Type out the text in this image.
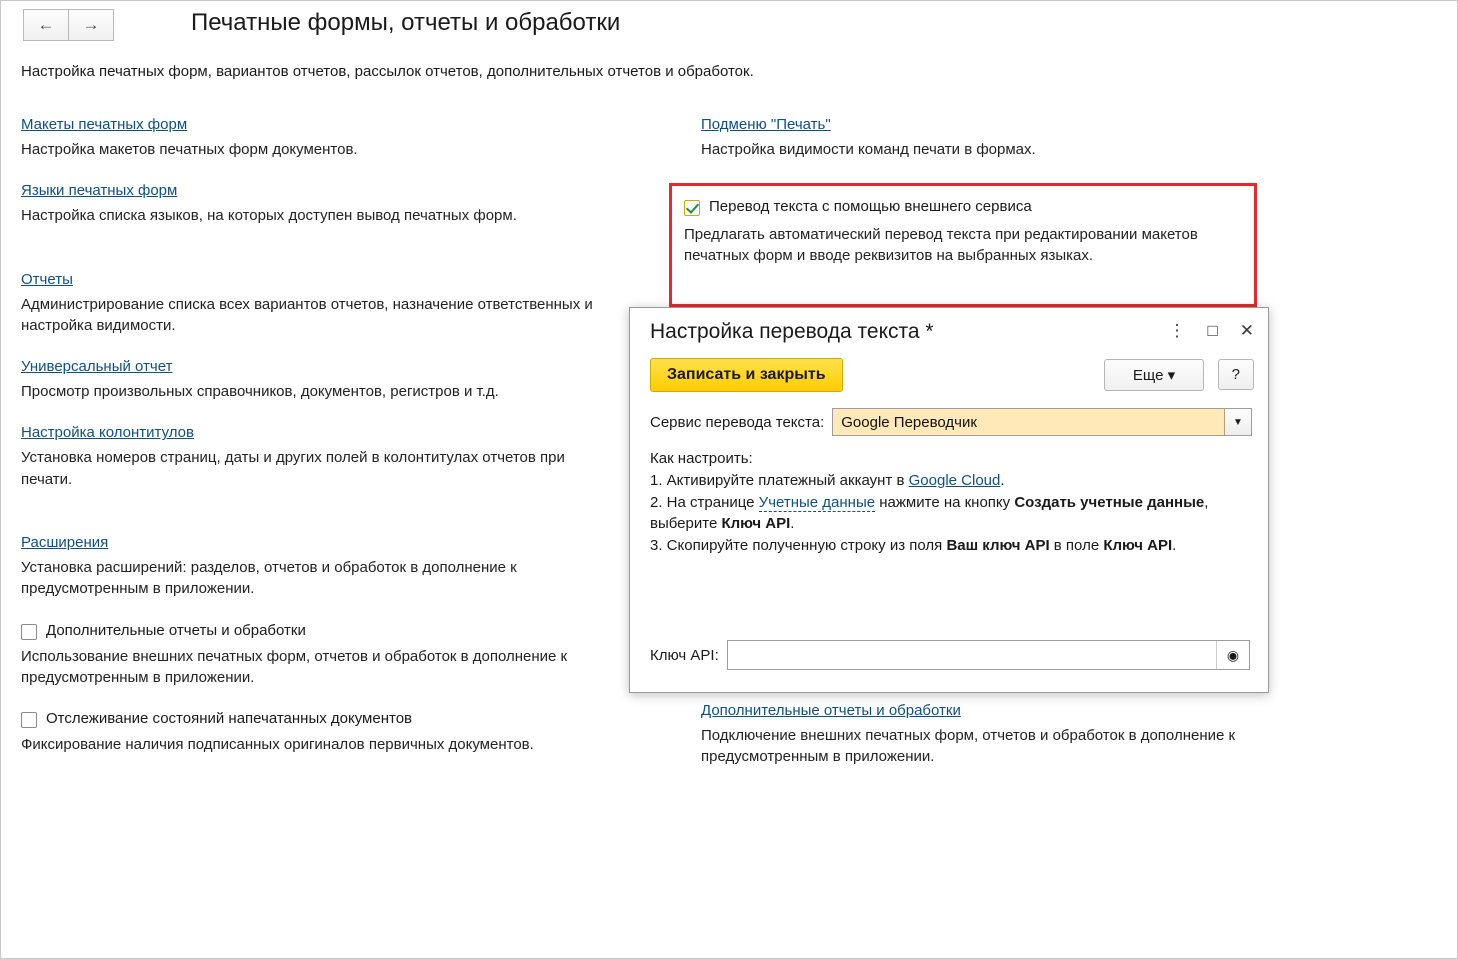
← →	Печатные формы, отчеты и обработки
Настройка печатных форм, вариантов отчетов, рассылок отчетов, дополнительных отчетов и обработок.
Макеты печатных форм

Настройка макетов печатных форм документов.

Языки печатных форм

Настройка списка языков, на которых доступен вывод печатных форм.

Отчеты

Администрирование списка всех вариантов отчетов, назначение ответственных и настройка видимости.

Универсальный отчет

Просмотр произвольных справочников, документов, регистров и т.д.

Настройка колонтитулов

Установка номеров страниц, даты и других полей в колонтитулах отчетов при печати.

Расширения

Установка расширений: разделов, отчетов и обработок в дополнение к предусмотренным в приложении.

Дополнительные отчеты и обработки

Использование внешних печатных форм, отчетов и обработок в дополнение к предусмотренным в приложении.

Отслеживание состояний напечатанных документов

Фиксирование наличия подписанных оригиналов первичных документов.

Подменю "Печать"

Настройка видимости команд печати в формах.

Дополнительные отчеты и обработки

Подключение внешних печатных форм, отчетов и обработок в дополнение к предусмотренным в приложении.

Перевод текста с помощью внешнего сервиса

Предлагать автоматический перевод текста при редактировании макетов печатных форм и вводе реквизитов на выбранных языках.

Настройка перевода текста *	⋮ □ ✕
Записать и закрыть	Еще ▾	?
Сервис перевода текста:	Google Переводчик	▼
Как настроить:
1. Активируйте платежный аккаунт в Google Cloud.
2. На странице Учетные данные нажмите на кнопку Создать учетные данные, выберите Ключ API.
3. Скопируйте полученную строку из поля Ваш ключ API в поле Ключ API.
Ключ API:	◉
